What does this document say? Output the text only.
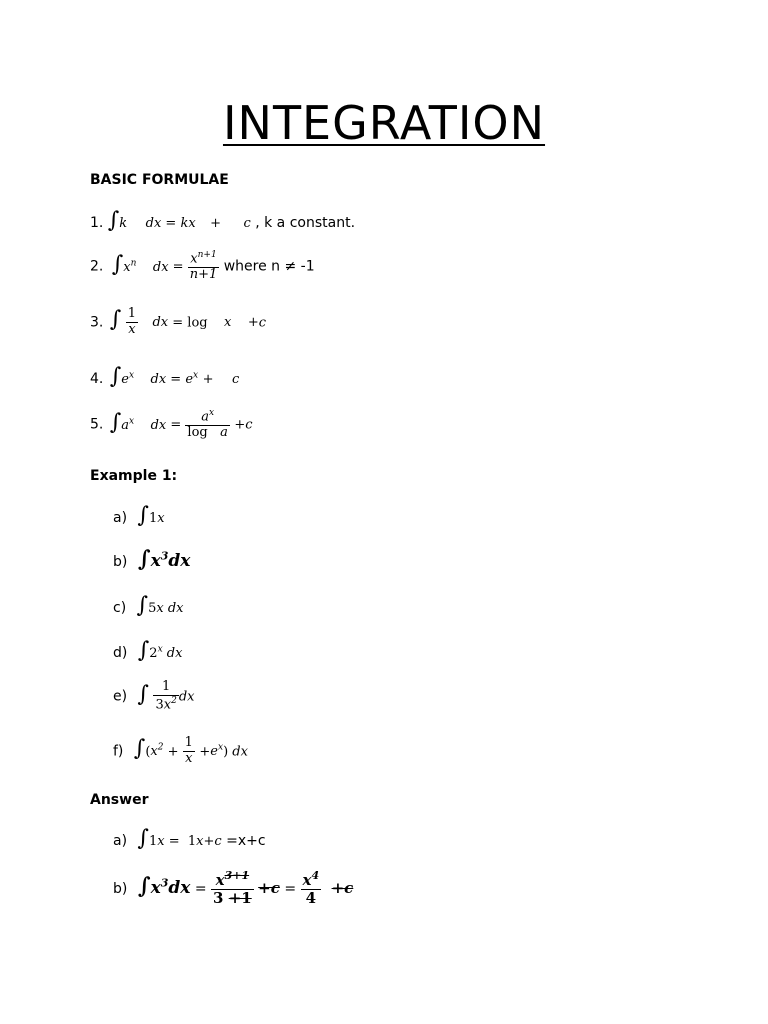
INTEGRATION
BASIC FORMULAE
1. ∫k dx = kx + c , k a constant.
2. $\int x^n$ dx = $\frac{x^{n+1}}{n+1}$ where n ≠ -1
3. ∫ $\frac{1}{x}$ dx = log x +c
4. $\int e^x$ dx = $e^x + c$
5. $\int a^x$ dx = $\frac{a^x}{\text{log   a}} +c$
Example 1:
a) ∫1x
b) $\int x^3dx$
c) ∫5x dx
d) ∫2$^x$ dx
e) ∫ $\frac{1}{3x^2}$ dx
f) $\int(x^2 + \frac{1}{x} +e^x)$ dx
Answer
a) ∫1x =  1x+c =x+c
b) $\int x^3dx = \frac{x^{3+1}}{3 +1} +c = \frac{x^4}{4} +c$
